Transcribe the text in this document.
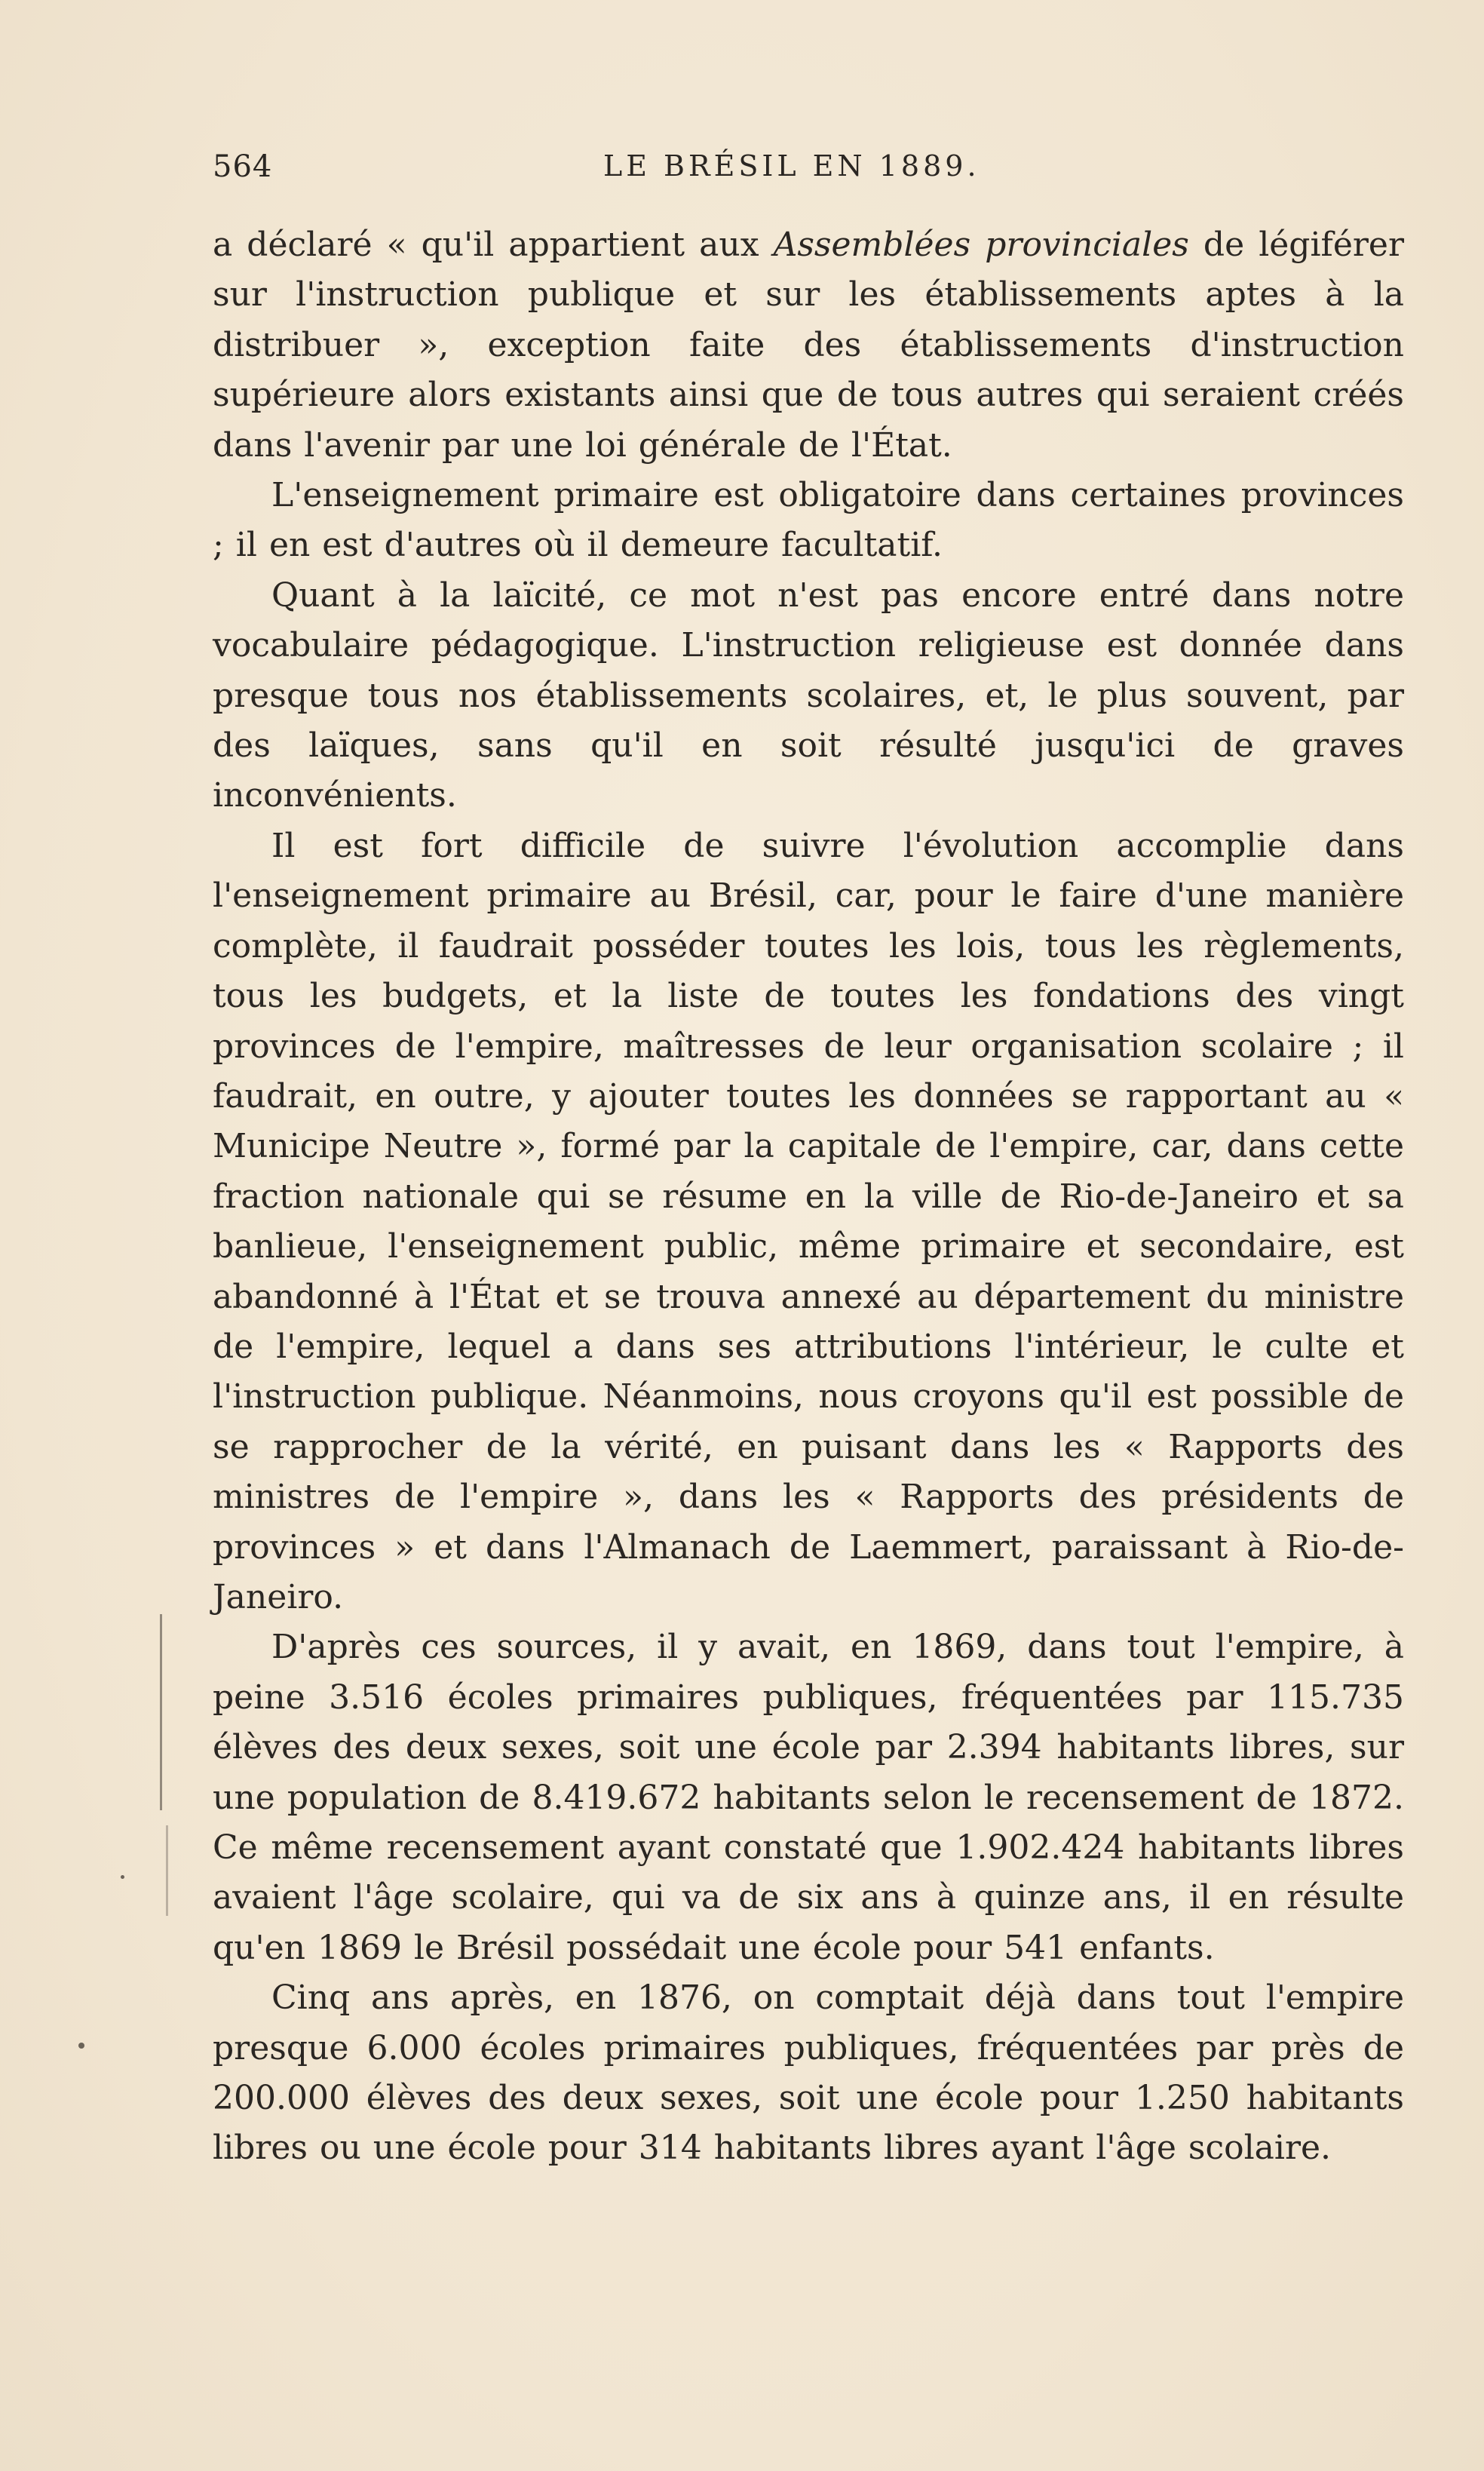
564	LE BRÉSIL EN 1889.

a déclaré « qu'il appartient aux Assemblées provinciales de légiférer sur l'instruction publique et sur les établissements aptes à la distribuer », exception faite des établissements d'instruction supérieure alors existants ainsi que de tous autres qui seraient créés dans l'avenir par une loi générale de l'État.

L'enseignement primaire est obligatoire dans certaines provinces ; il en est d'autres où il demeure facultatif.

Quant à la laïcité, ce mot n'est pas encore entré dans notre vocabulaire pédagogique. L'instruction religieuse est donnée dans presque tous nos établissements scolaires, et, le plus souvent, par des laïques, sans qu'il en soit résulté jusqu'ici de graves inconvénients.

Il est fort difficile de suivre l'évolution accomplie dans l'enseignement primaire au Brésil, car, pour le faire d'une manière complète, il faudrait posséder toutes les lois, tous les règlements, tous les budgets, et la liste de toutes les fondations des vingt provinces de l'empire, maîtresses de leur organisation scolaire ; il faudrait, en outre, y ajouter toutes les données se rapportant au « Municipe Neutre », formé par la capitale de l'empire, car, dans cette fraction nationale qui se résume en la ville de Rio-de-Janeiro et sa banlieue, l'enseignement public, même primaire et secondaire, est abandonné à l'État et se trouva annexé au département du ministre de l'empire, lequel a dans ses attributions l'intérieur, le culte et l'instruction publique. Néanmoins, nous croyons qu'il est possible de se rapprocher de la vérité, en puisant dans les « Rapports des ministres de l'empire », dans les « Rapports des présidents de provinces » et dans l'Almanach de Laemmert, paraissant à Rio-de-Janeiro.

D'après ces sources, il y avait, en 1869, dans tout l'empire, à peine 3.516 écoles primaires publiques, fréquentées par 115.735 élèves des deux sexes, soit une école par 2.394 habitants libres, sur une population de 8.419.672 habitants selon le recensement de 1872. Ce même recensement ayant constaté que 1.902.424 habitants libres avaient l'âge scolaire, qui va de six ans à quinze ans, il en résulte qu'en 1869 le Brésil possédait une école pour 541 enfants.

Cinq ans après, en 1876, on comptait déjà dans tout l'empire presque 6.000 écoles primaires publiques, fréquentées par près de 200.000 élèves des deux sexes, soit une école pour 1.250 habitants libres ou une école pour 314 habitants libres ayant l'âge scolaire.
